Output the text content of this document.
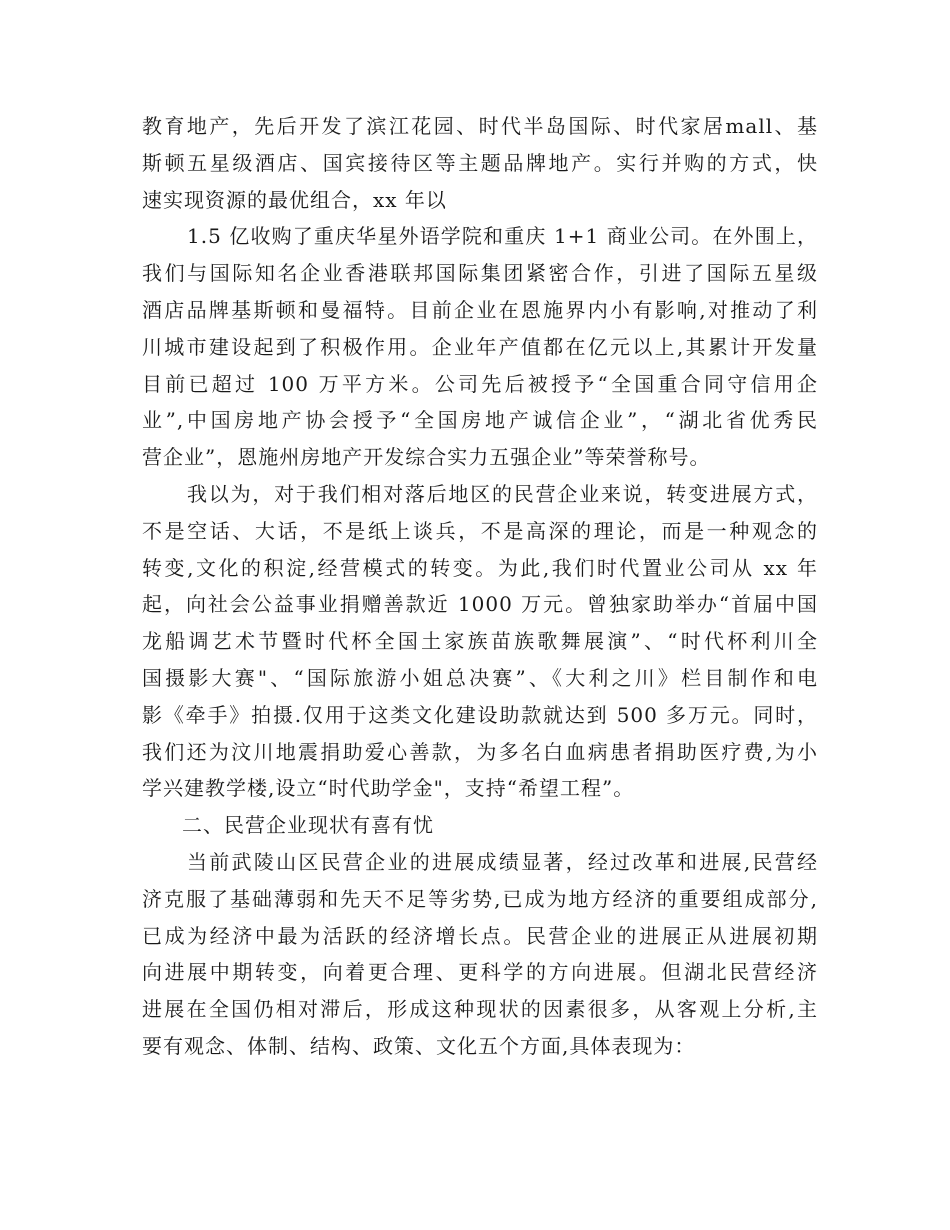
教育地产，先后开发了滨江花园、时代半岛国际、时代家居mall、基
斯顿五星级酒店、国宾接待区等主题品牌地产。实行并购的方式，快
速实现资源的最优组合，xx 年以
1.5 亿收购了重庆华星外语学院和重庆 1+1 商业公司。在外围上，
我们与国际知名企业香港联邦国际集团紧密合作，引进了国际五星级
酒店品牌基斯顿和曼福特。目前企业在恩施界内小有影响,对推动了利
川城市建设起到了积极作用。企业年产值都在亿元以上,其累计开发量
目前已超过 100 万平方米。公司先后被授予“全国重合同守信用企
业”,中国房地产协会授予“全国房地产诚信企业”，“湖北省优秀民
营企业”，恩施州房地产开发综合实力五强企业”等荣誉称号。
我以为，对于我们相对落后地区的民营企业来说，转变进展方式，
不是空话、大话，不是纸上谈兵，不是高深的理论，而是一种观念的
转变,文化的积淀,经营模式的转变。为此,我们时代置业公司从 xx 年
起，向社会公益事业捐赠善款近 1000 万元。曾独家助举办“首届中国
龙船调艺术节暨时代杯全国土家族苗族歌舞展演”、“时代杯利川全
国摄影大赛"、“国际旅游小姐总决赛”、《大利之川》栏目制作和电
影《牵手》拍摄.仅用于这类文化建设助款就达到 500 多万元。同时，
我们还为汶川地震捐助爱心善款，为多名白血病患者捐助医疗费,为小
学兴建教学楼,设立“时代助学金"，支持“希望工程”。
二、民营企业现状有喜有忧
当前武陵山区民营企业的进展成绩显著，经过改革和进展,民营经
济克服了基础薄弱和先天不足等劣势,已成为地方经济的重要组成部分,
已成为经济中最为活跃的经济增长点。民营企业的进展正从进展初期
向进展中期转变，向着更合理、更科学的方向进展。但湖北民营经济
进展在全国仍相对滞后，形成这种现状的因素很多，从客观上分析,主
要有观念、体制、结构、政策、文化五个方面,具体表现为：
